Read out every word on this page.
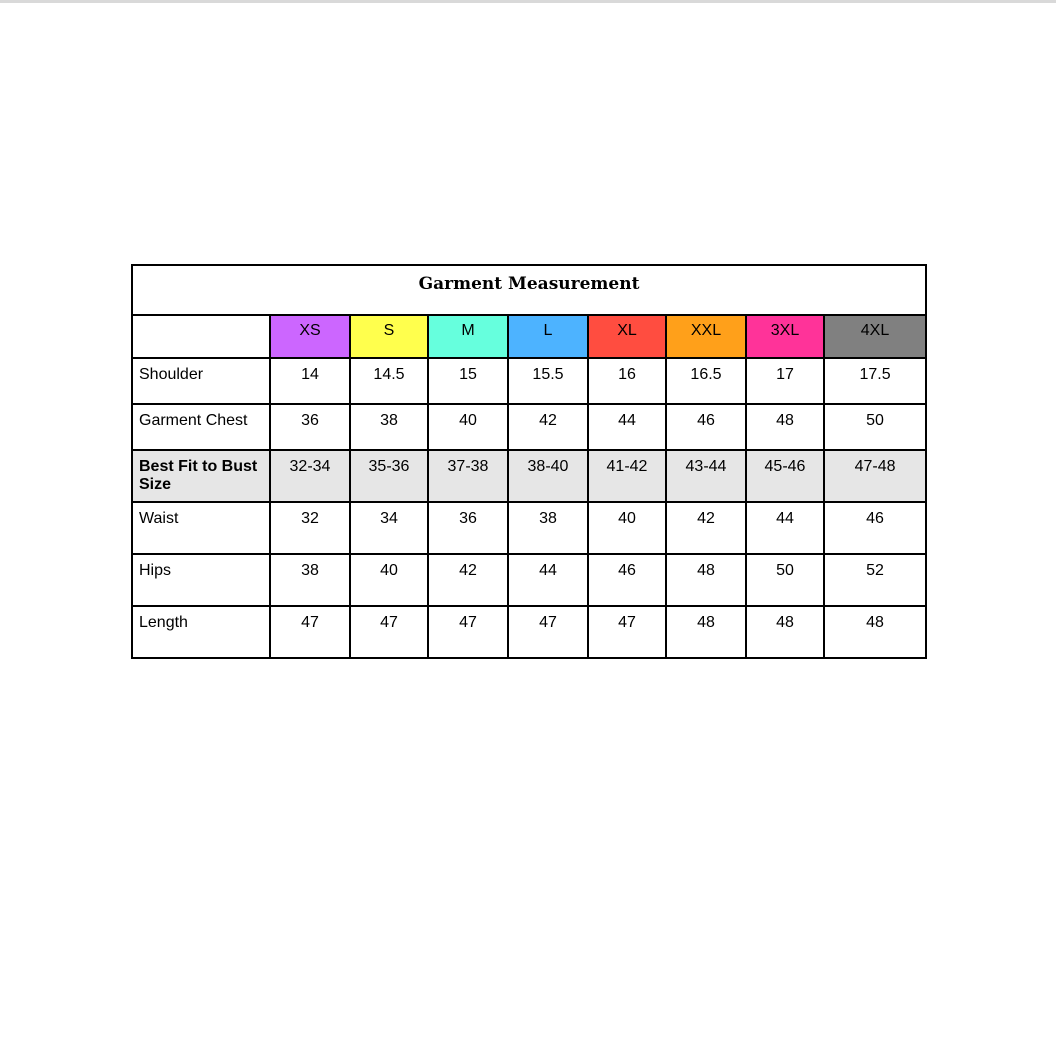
Garment Measurement								
	XS	S	M	L	XL	XXL	3XL	4XL
Shoulder	14	14.5	15	15.5	16	16.5	17	17.5
Garment Chest	36	38	40	42	44	46	48	50
Best Fit to Bust Size	32-34	35-36	37-38	38-40	41-42	43-44	45-46	47-48
Waist	32	34	36	38	40	42	44	46
Hips	38	40	42	44	46	48	50	52
Length	47	47	47	47	47	48	48	48
